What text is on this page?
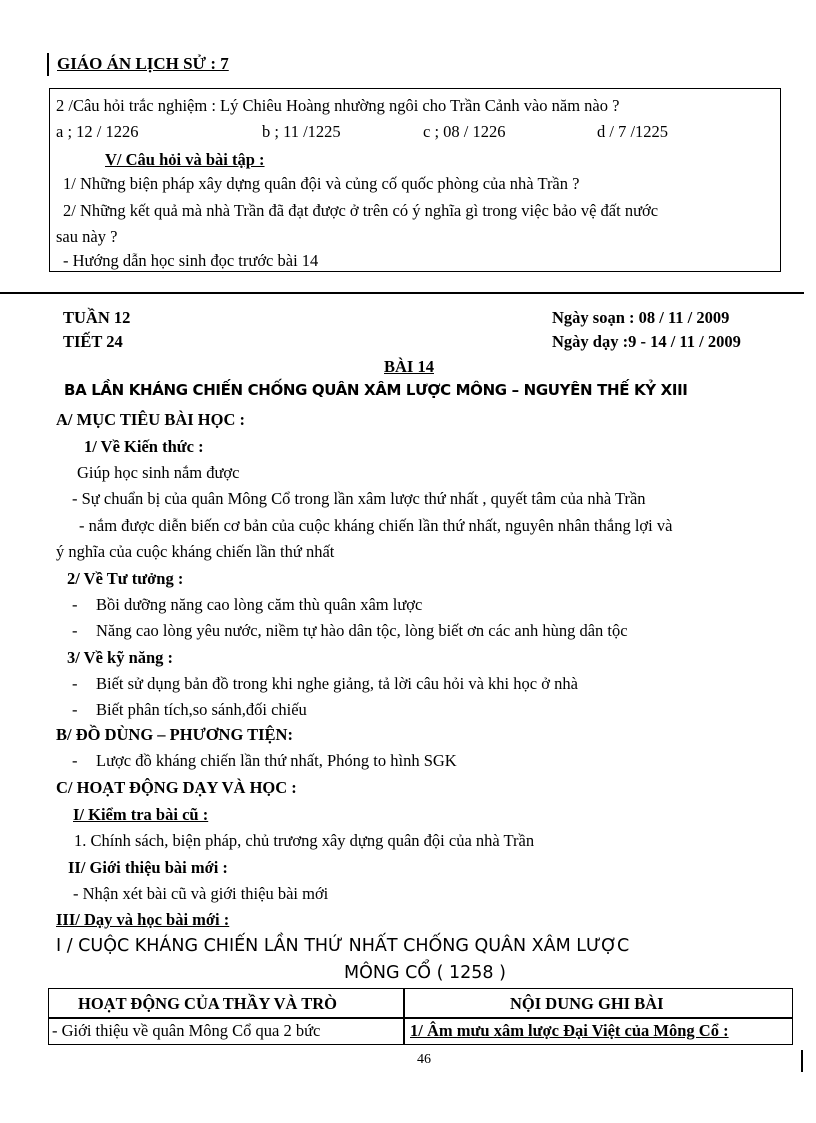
GIÁO ÁN LỊCH SỬ : 7
2 /Câu hỏi trắc nghiệm : Lý Chiêu Hoàng nhường ngôi cho Trần Cảnh vào năm nào ?
a ; 12 / 1226	b ; 11 /1225	c ; 08 / 1226	d / 7 /1225
V/ Câu hỏi và bài tập :
1/ Những biện pháp xây dựng quân đội và củng cố quốc phòng của nhà Trần ?
2/ Những kết quả mà nhà Trần đã đạt được ở trên có ý nghĩa gì trong việc bảo vệ đất nước
sau này ?
- Hướng dẫn học sinh đọc trước bài 14
TUẦN 12
TIẾT 24
Ngày soạn : 08 / 11 / 2009
Ngày dạy :9 - 14 / 11 / 2009
BÀI 14
BA LẦN KHÁNG CHIẾN CHỐNG QUÂN XÂM LƯỢC MÔNG – NGUYÊN THẾ KỶ XIII
A/ MỤC TIÊU BÀI HỌC :
1/ Về Kiến thức :
Giúp học sinh nắm được
- Sự chuẩn bị của quân Mông Cổ trong lần xâm lược thứ nhất , quyết tâm của nhà Trần
- nắm được diễn biến cơ bản của cuộc kháng chiến lần thứ nhất, nguyên nhân thắng lợi và
ý nghĩa của cuộc kháng chiến lần thứ nhất
2/ Về Tư tưởng :
- Bồi dưỡng năng cao lòng căm thù quân xâm lược
- Năng cao lòng yêu nước, niềm tự hào dân tộc, lòng biết ơn các anh hùng dân tộc
3/ Về kỹ năng :
- Biết sử dụng bản đồ trong khi nghe giảng, tả lời câu hỏi và khi học ở nhà
- Biết phân tích,so sánh,đối chiếu
B/ ĐỒ DÙNG – PHƯƠNG TIỆN:
- Lược đồ kháng chiến lần thứ nhất, Phóng to hình SGK
C/ HOẠT ĐỘNG DẠY VÀ HỌC :
I/ Kiểm tra bài cũ :
1. Chính sách, biện pháp, chủ trương xây dựng quân đội của nhà Trần
II/ Giới thiệu bài mới :
- Nhận xét bài cũ và giới thiệu bài mới
III/ Dạy và học bài mới :
I / CUỘC KHÁNG CHIẾN LẦN THỨ NHẤT CHỐNG QUÂN XÂM LƯỢC
MÔNG CỔ ( 1258 )
HOẠT ĐỘNG CỦA THẦY VÀ TRÒ	NỘI DUNG GHI BÀI
- Giới thiệu về quân Mông Cổ qua 2 bức	1/ Âm mưu xâm lược Đại Việt của Mông Cổ :
46
